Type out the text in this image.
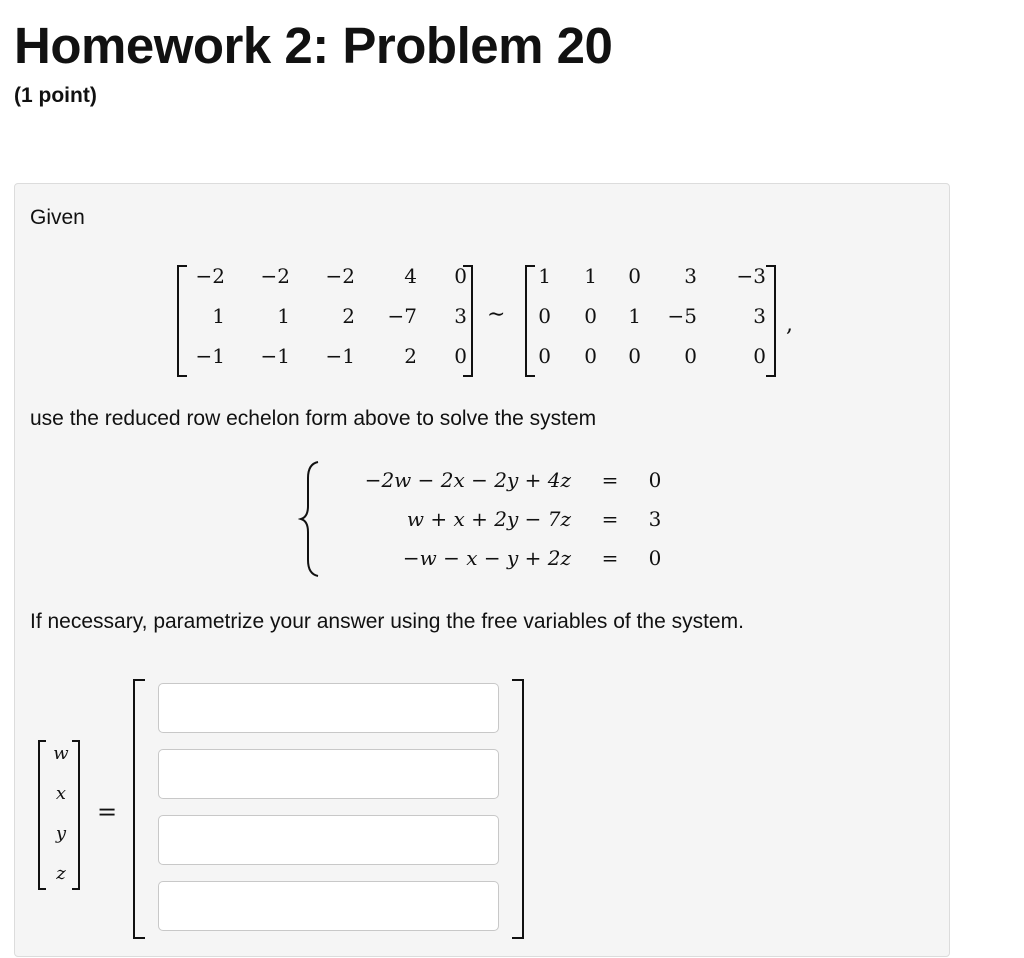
Homework 2: Problem 20
(1 point)
Given
−2	−2	−2	4	0
1	1	2	−7	3
−1	−1	−1	2	0
∼
1	1	0	3	−3
0	0	1	−5	3
0	0	0	0	0
,
use the reduced row echelon form above to solve the system
−2w − 2x − 2y + 4z = 0
w + x + 2y − 7z = 3
−w − x − y + 2z = 0
If necessary, parametrize your answer using the free variables of the system.
w
x
y
z
=
